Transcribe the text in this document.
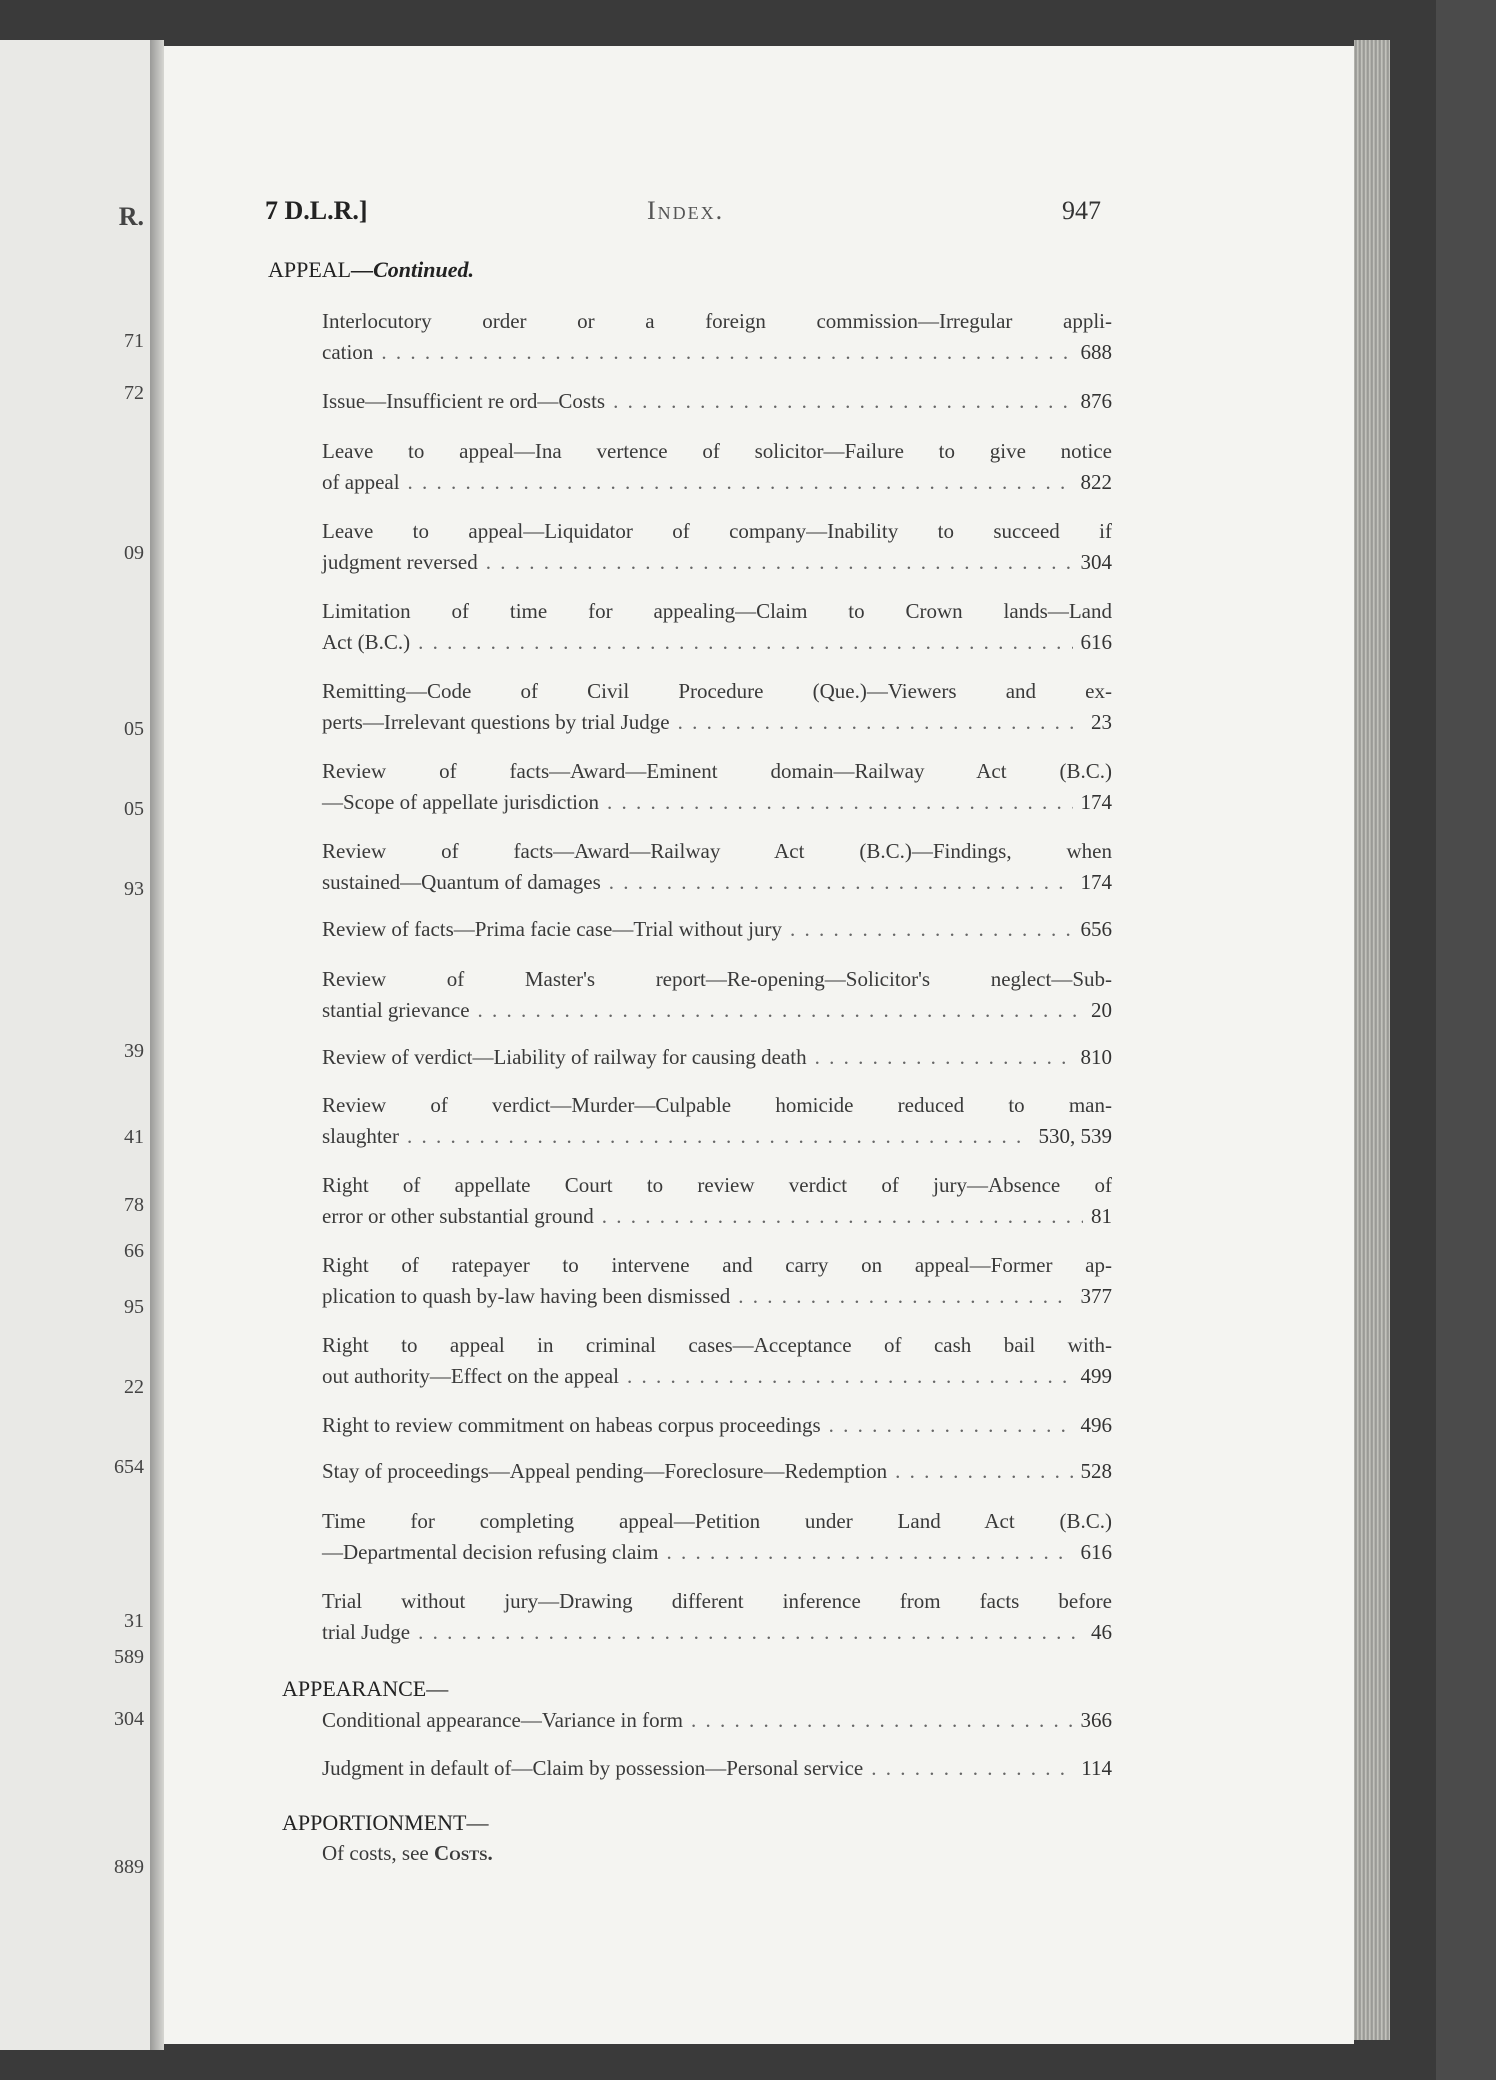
R.
71
72
09
05
05
93
39
41
78
66
95
22
654
31
589
304
889
7 D.L.R.]	Index.	947
APPEAL—Continued.
Interlocutory order or a foreign commission—Irregular appli-
cation . . .	688
Issue—Insufficient re ord—Costs . . .	876
Leave to appeal—Ina vertence of solicitor—Failure to give notice
of appeal . . .	822
Leave to appeal—Liquidator of company—Inability to succeed if
judgment reversed . . .	304
Limitation of time for appealing—Claim to Crown lands—Land
Act (B.C.) . . .	616
Remitting—Code of Civil Procedure (Que.)—Viewers and ex-
perts—Irrelevant questions by trial Judge . . .	23
Review of facts—Award—Eminent domain—Railway Act (B.C.)
—Scope of appellate jurisdiction . . .	174
Review of facts—Award—Railway Act (B.C.)—Findings, when
sustained—Quantum of damages . . .	174
Review of facts—Prima facie case—Trial without jury . . .	656
Review of Master's report—Re-opening—Solicitor's neglect—Sub-
stantial grievance . . .	20
Review of verdict—Liability of railway for causing death . . .	810
Review of verdict—Murder—Culpable homicide reduced to man-
slaughter . . .	530, 539
Right of appellate Court to review verdict of jury—Absence of
error or other substantial ground . . .	81
Right of ratepayer to intervene and carry on appeal—Former ap-
plication to quash by-law having been dismissed . . .	377
Right to appeal in criminal cases—Acceptance of cash bail with-
out authority—Effect on the appeal . . .	499
Right to review commitment on habeas corpus proceedings . . .	496
Stay of proceedings—Appeal pending—Foreclosure—Redemption . . .	528
Time for completing appeal—Petition under Land Act (B.C.)
—Departmental decision refusing claim . . .	616
Trial without jury—Drawing different inference from facts before
trial Judge . . .	46
APPEARANCE—
Conditional appearance—Variance in form . . .	366
Judgment in default of—Claim by possession—Personal service . . .	114
APPORTIONMENT—
Of costs, see Costs.
